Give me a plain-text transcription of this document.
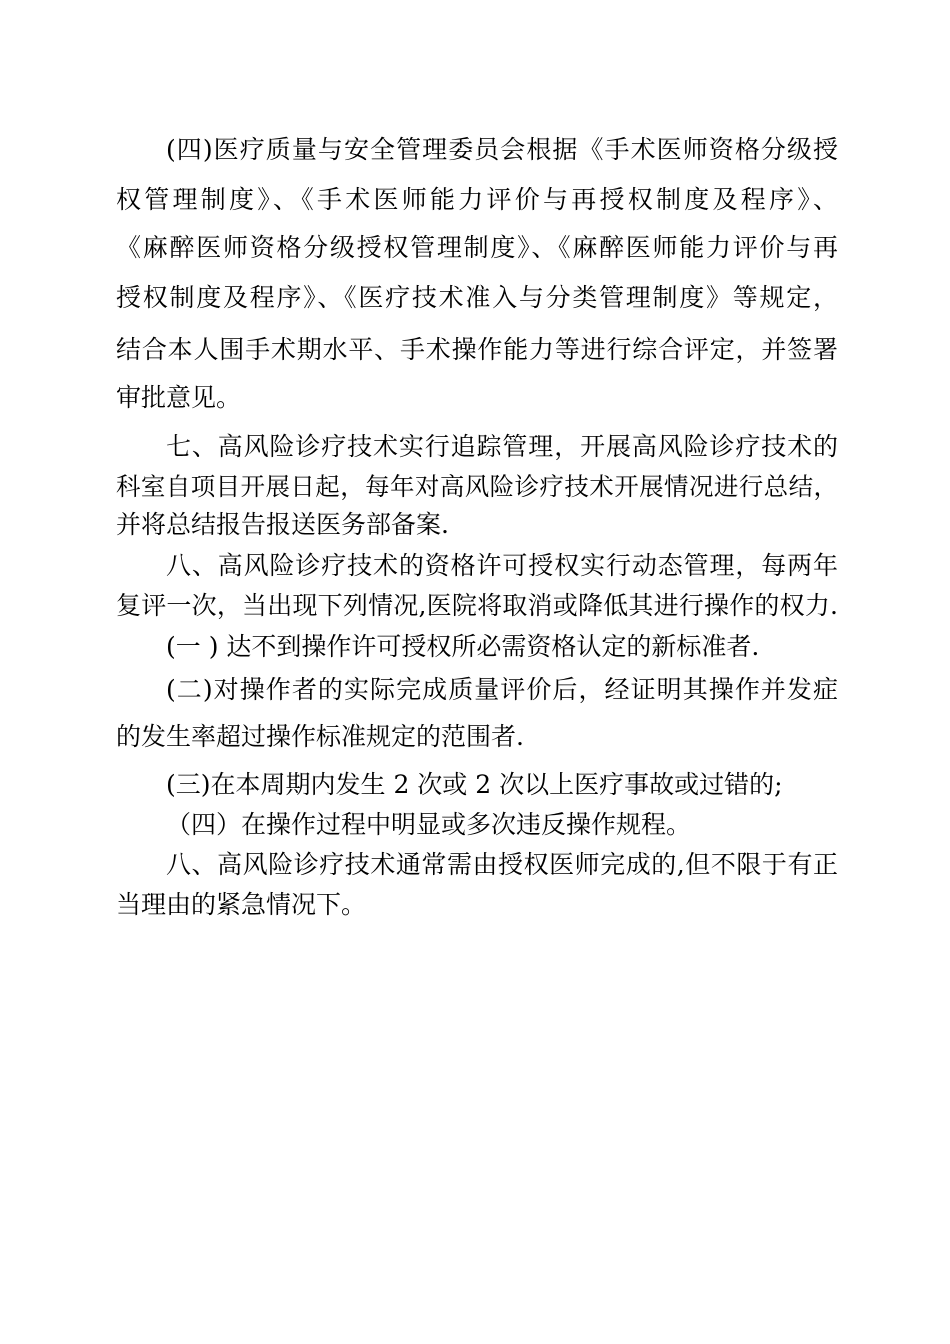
(四)医疗质量与安全管理委员会根据《手术医师资格分级授
权管理制度》、《手术医师能力评价与再授权制度及程序》、
《麻醉医师资格分级授权管理制度》、《麻醉医师能力评价与再
授权制度及程序》、《医疗技术准入与分类管理制度》等规定，
结合本人围手术期水平、手术操作能力等进行综合评定，并签署
审批意见。
七、高风险诊疗技术实行追踪管理，开展高风险诊疗技术的
科室自项目开展日起，每年对高风险诊疗技术开展情况进行总结，
并将总结报告报送医务部备案.
八、高风险诊疗技术的资格许可授权实行动态管理，每两年
复评一次，当出现下列情况,医院将取消或降低其进行操作的权力.
(一 ) 达不到操作许可授权所必需资格认定的新标准者.
(二)对操作者的实际完成质量评价后，经证明其操作并发症
的发生率超过操作标准规定的范围者.
(三)在本周期内发生 2 次或 2 次以上医疗事故或过错的;
（四）在操作过程中明显或多次违反操作规程。
八、高风险诊疗技术通常需由授权医师完成的,但不限于有正
当理由的紧急情况下。
